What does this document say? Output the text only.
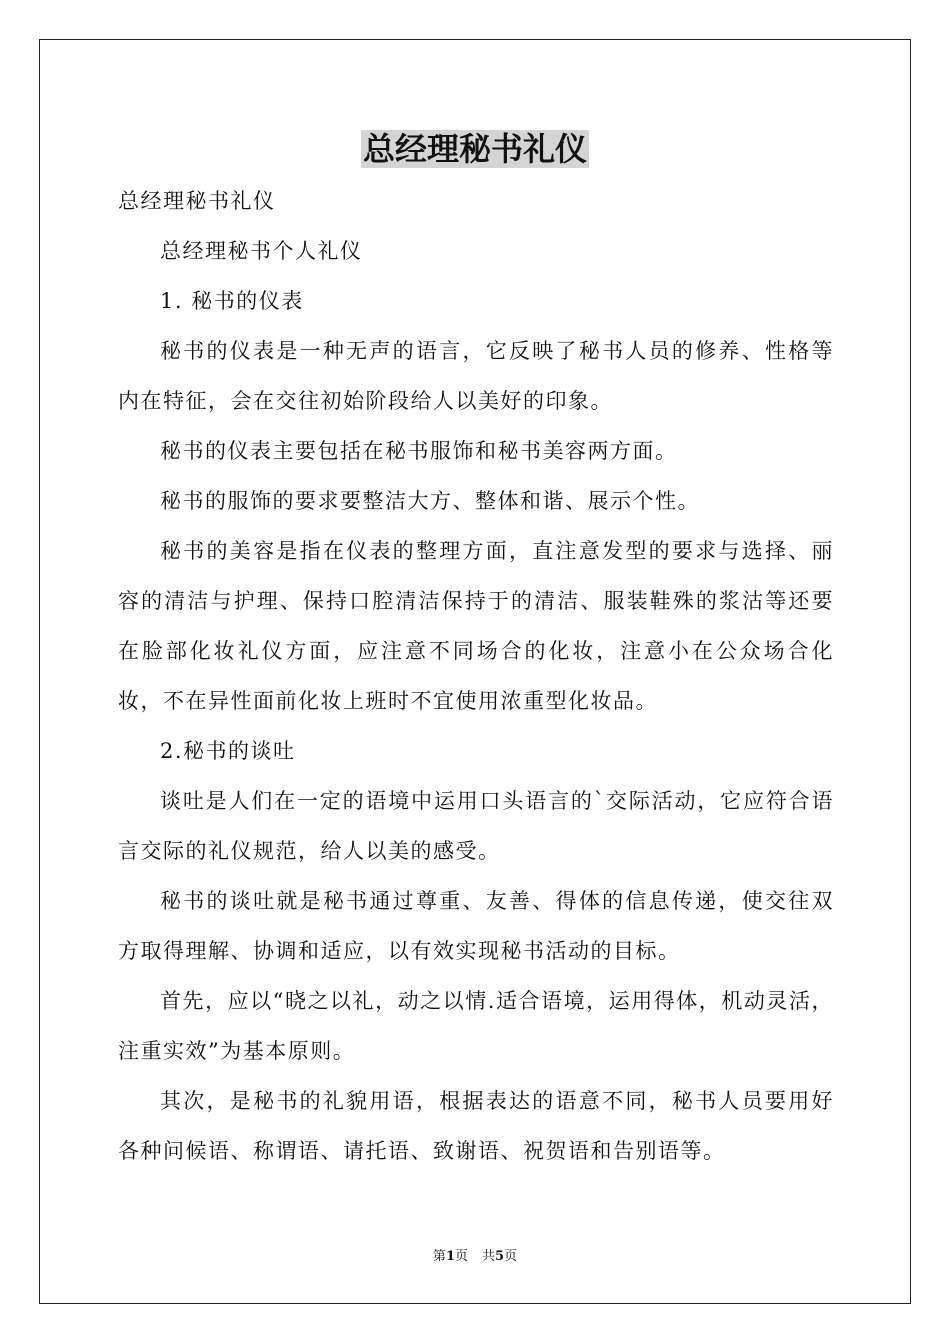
总经理秘书礼仪

总经理秘书礼仪

总经理秘书个人礼仪

1. 秘书的仪表

秘书的仪表是一种无声的语言，它反映了秘书人员的修养、性格等内在特征，会在交往初始阶段给人以美好的印象。

秘书的仪表主要包括在秘书服饰和秘书美容两方面。

秘书的服饰的要求要整洁大方、整体和谐、展示个性。

秘书的美容是指在仪表的整理方面，直注意发型的要求与选择、丽容的清洁与护理、保持口腔清洁保持于的清洁、服装鞋殊的浆沽等还要在脸部化妆礼仪方面，应注意不同场合的化妆，注意小在公众场合化妆，不在异性面前化妆上班时不宜使用浓重型化妆品。

2.秘书的谈吐

谈吐是人们在一定的语境中运用口头语言的`交际活动，它应符合语言交际的礼仪规范，给人以美的感受。

秘书的谈吐就是秘书通过尊重、友善、得体的信息传递，使交往双方取得理解、协调和适应，以有效实现秘书活动的目标。

首先，应以“晓之以礼，动之以情.适合语境，运用得体，机动灵活，注重实效”为基本原则。

其次，是秘书的礼貌用语，根据表达的语意不同，秘书人员要用好各种问候语、称谓语、请托语、致谢语、祝贺语和告别语等。

第1页 共5页
